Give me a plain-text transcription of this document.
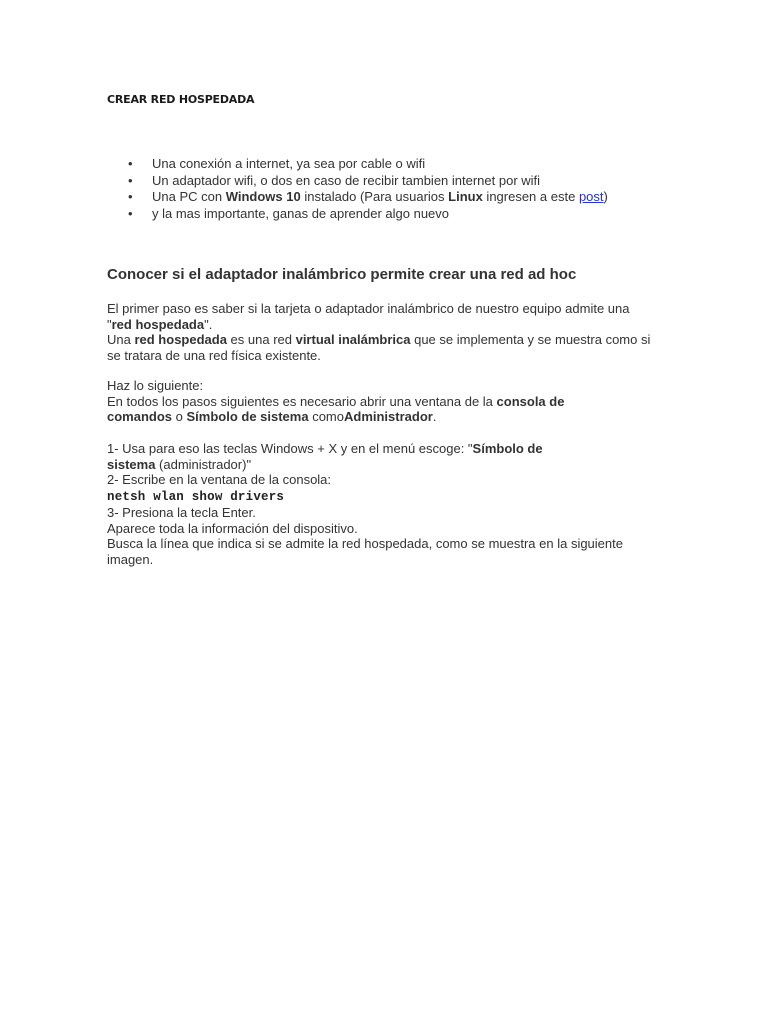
CREAR RED HOSPEDADA
• Una conexión a internet, ya sea por cable o wifi
• Un adaptador wifi, o dos en caso de recibir tambien internet por wifi
• Una PC con Windows 10 instalado (Para usuarios Linux ingresen a este post)
• y la mas importante, ganas de aprender algo nuevo
Conocer si el adaptador inalámbrico permite crear una red ad hoc

El primer paso es saber si la tarjeta o adaptador inalámbrico de nuestro equipo admite una

"red hospedada".

Una red hospedada es una red virtual inalámbrica que se implementa y se muestra como si

se tratara de una red física existente.

Haz lo siguiente:

En todos los pasos siguientes es necesario abrir una ventana de la consola de

comandos o Símbolo de sistema comoAdministrador.

1- Usa para eso las teclas Windows + X y en el menú escoge: "Símbolo de

sistema (administrador)"

2- Escribe en la ventana de la consola:

netsh wlan show drivers

3- Presiona la tecla Enter.

Aparece toda la información del dispositivo.

Busca la línea que indica si se admite la red hospedada, como se muestra en la siguiente

imagen.
